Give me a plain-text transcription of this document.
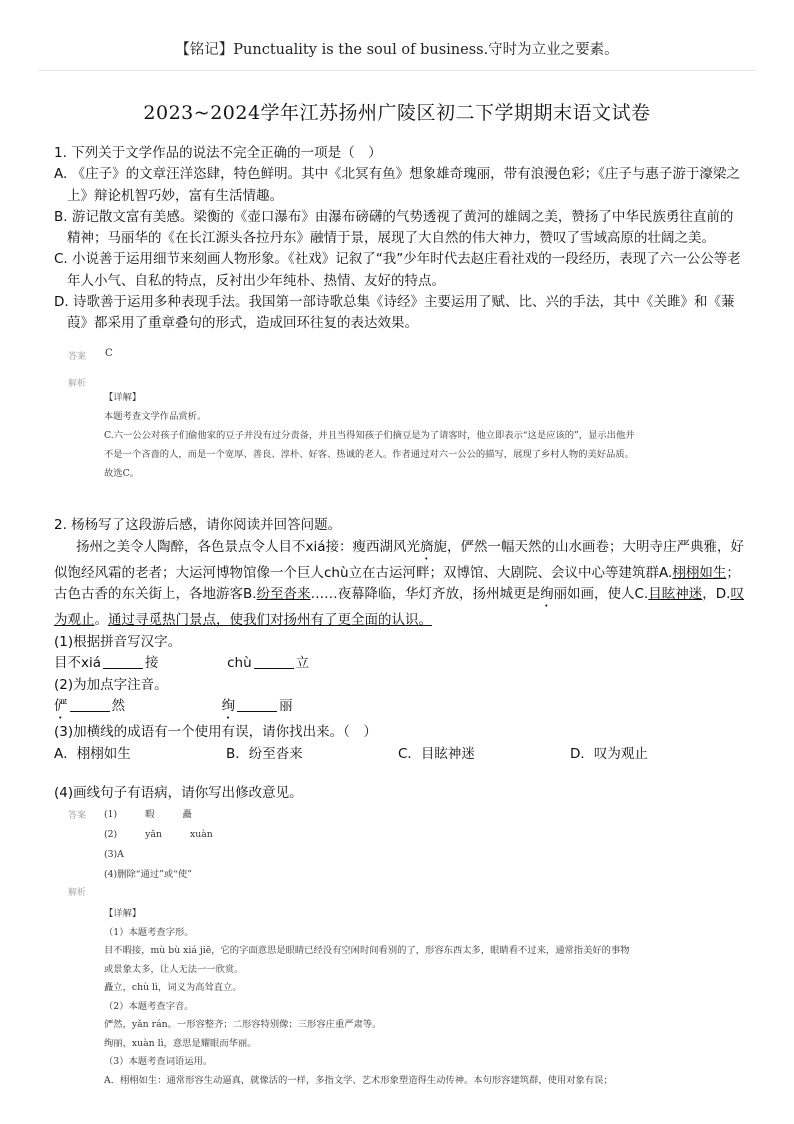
【铭记】Punctuality is the soul of business.守时为立业之要素。
2023~2024学年江苏扬州广陵区初二下学期期末语文试卷

1. 下列关于文学作品的说法不完全正确的一项是（　）

A. 《庄子》的文章汪洋恣肆，特色鲜明。其中《北冥有鱼》想象雄奇瑰丽，带有浪漫色彩；《庄子与惠子游于濠梁之上》辩论机智巧妙，富有生活情趣。

B. 游记散文富有美感。梁衡的《壶口瀑布》由瀑布磅礴的气势透视了黄河的雄阔之美，赞扬了中华民族勇往直前的精神；马丽华的《在长江源头各拉丹东》融情于景，展现了大自然的伟大神力，赞叹了雪域高原的壮阔之美。

C. 小说善于运用细节来刻画人物形象。《社戏》记叙了“我”少年时代去赵庄看社戏的一段经历，表现了六一公公等老年人小气、自私的特点，反衬出少年纯朴、热情、友好的特点。

D. 诗歌善于运用多种表现手法。我国第一部诗歌总集《诗经》主要运用了赋、比、兴的手法，其中《关雎》和《蒹葭》都采用了重章叠句的形式，造成回环往复的表达效果。

答案 C
解析
【详解】
本题考查文学作品赏析。
C.六一公公对孩子们偷他家的豆子并没有过分责备，并且当得知孩子们摘豆是为了请客时，他立即表示“这是应该的”，显示出他并
不是一个吝啬的人，而是一个宽厚、善良、淳朴、好客、热诚的老人。作者通过对六一公公的描写，展现了乡村人物的美好品质。
故选C。

2. 杨杨写了这段游后感，请你阅读并回答问题。

扬州之美令人陶醉，各色景点令人目不xiá接：瘦西湖风光旖旎，俨然一幅天然的山水画卷；大明寺庄严典雅，好似饱经风霜的老者；大运河博物馆像一个巨人chù立在古运河畔；双博馆、大剧院、会议中心等建筑群A.栩栩如生；古色古香的东关街上，各地游客B.纷至沓来……夜幕降临，华灯齐放，扬州城更是绚丽如画，使人C.目眩神迷，D.叹为观止。通过寻觅热门景点，使我们对扬州有了更全面的认识。

(1)根据拼音写汉字。

目不xiá	接	chù	立

(2)为加点字注音。

俨	然	绚	丽

(3)加横线的成语有一个使用有误，请你找出来。（　）

A．栩栩如生	B．纷至沓来	C．目眩神迷	D．叹为观止

(4)画线句子有语病，请你写出修改意见。

答案 (1)	暇	矗
(2)	yǎn	xuàn
(3)A
(4)删除“通过”或“使”
解析
【详解】
（1）本题考查字形。
目不暇接，mù bù xiá jiē，它的字面意思是眼睛已经没有空闲时间看别的了，形容东西太多，眼睛看不过来，通常指美好的事物
或景象太多，让人无法一一欣赏。
矗立，chù lì，词义为高耸直立。
（2）本题考查字音。
俨然，yǎn rán。一形容整齐；二形容特别像；三形容庄重严肃等。
绚丽，xuàn lì，意思是耀眼而华丽。
（3）本题考查词语运用。
A．栩栩如生：通常形容生动逼真，就像活的一样，多指文学、艺术形象塑造得生动传神。本句形容建筑群，使用对象有误；
